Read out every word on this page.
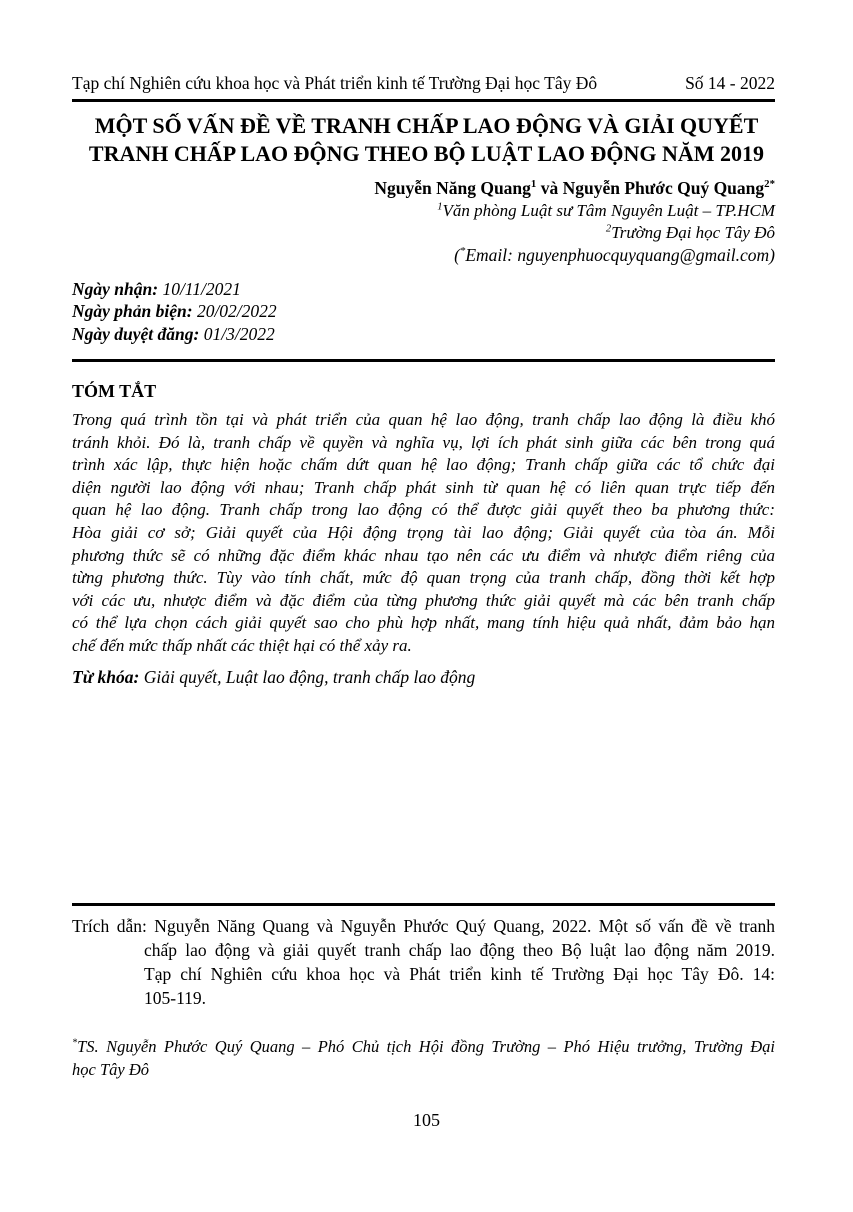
Tạp chí Nghiên cứu khoa học và Phát triển kinh tế Trường Đại học Tây Đô	Số 14 - 2022
MỘT SỐ VẤN ĐỀ VỀ TRANH CHẤP LAO ĐỘNG VÀ GIẢI QUYẾT
TRANH CHẤP LAO ĐỘNG THEO BỘ LUẬT LAO ĐỘNG NĂM 2019
Nguyễn Năng Quang$^1$ và Nguyễn Phước Quý Quang$^{2*}$
$^1$Văn phòng Luật sư Tâm Nguyên Luật – TP.HCM
$^2$Trường Đại học Tây Đô
(*Email: nguyenphuocquyquang@gmail.com)
Ngày nhận: 10/11/2021
Ngày phản biện: 20/02/2022
Ngày duyệt đăng: 01/3/2022
TÓM TẮT
Trong quá trình tồn tại và phát triển của quan hệ lao động, tranh chấp lao động là điều khó
tránh khỏi. Đó là, tranh chấp về quyền và nghĩa vụ, lợi ích phát sinh giữa các bên trong quá
trình xác lập, thực hiện hoặc chấm dứt quan hệ lao động; Tranh chấp giữa các tổ chức đại
diện người lao động với nhau; Tranh chấp phát sinh từ quan hệ có liên quan trực tiếp đến
quan hệ lao động. Tranh chấp trong lao động có thể được giải quyết theo ba phương thức:
Hòa giải cơ sở; Giải quyết của Hội động trọng tài lao động; Giải quyết của tòa án. Mỗi
phương thức sẽ có những đặc điểm khác nhau tạo nên các ưu điểm và nhược điểm riêng của
từng phương thức. Tùy vào tính chất, mức độ quan trọng của tranh chấp, đồng thời kết hợp
với các ưu, nhược điểm và đặc điểm của từng phương thức giải quyết mà các bên tranh chấp
có thể lựa chọn cách giải quyết sao cho phù hợp nhất, mang tính hiệu quả nhất, đảm bảo hạn
chế đến mức thấp nhất các thiệt hại có thể xảy ra.
Từ khóa: Giải quyết, Luật lao động, tranh chấp lao động
Trích dẫn: Nguyễn Năng Quang và Nguyễn Phước Quý Quang, 2022. Một số vấn đề về tranh
chấp lao động và giải quyết tranh chấp lao động theo Bộ luật lao động năm 2019.
Tạp chí Nghiên cứu khoa học và Phát triển kinh tế Trường Đại học Tây Đô. 14:
105-119.
*TS. Nguyễn Phước Quý Quang – Phó Chủ tịch Hội đồng Trường – Phó Hiệu trưởng, Trường Đại
học Tây Đô
105
